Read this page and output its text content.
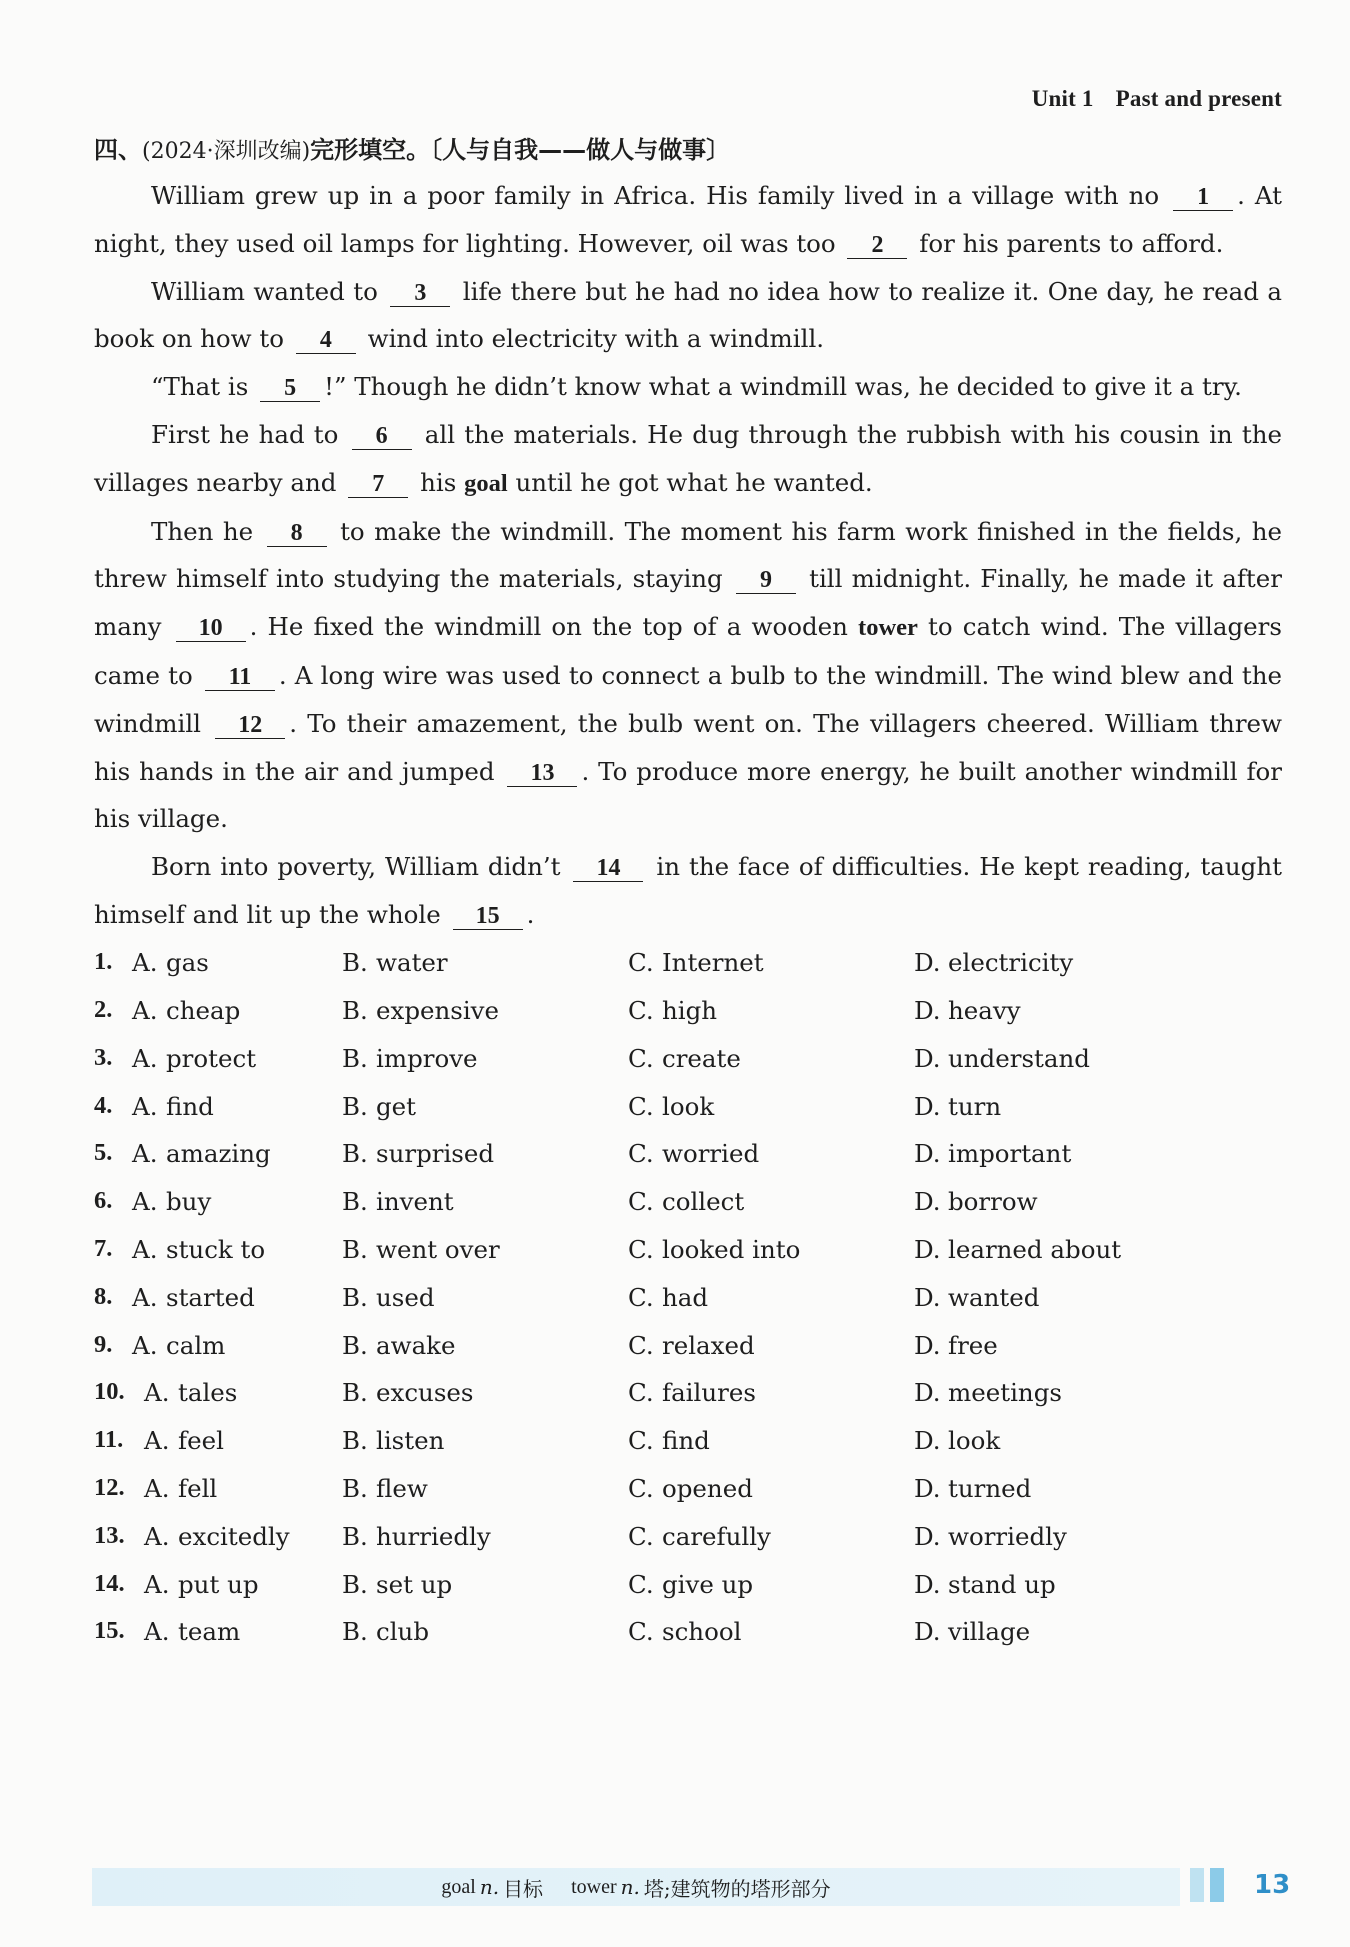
Unit 1 Past and present
四、(2024·深圳改编)完形填空。〔人与自我——做人与做事〕

William grew up in a poor family in Africa. His family lived in a village with no 1 . At night, they used oil lamps for lighting. However, oil was too 2 for his parents to afford.

William wanted to 3 life there but he had no idea how to realize it. One day, he read a book on how to 4 wind into electricity with a windmill.

“That is 5 !” Though he didn’t know what a windmill was, he decided to give it a try.

First he had to 6 all the materials. He dug through the rubbish with his cousin in the villages nearby and 7 his goal until he got what he wanted.

Then he 8 to make the windmill. The moment his farm work finished in the fields, he threw himself into studying the materials, staying 9 till midnight. Finally, he made it after many 10 . He fixed the windmill on the top of a wooden tower to catch wind. The villagers came to 11 . A long wire was used to connect a bulb to the windmill. The wind blew and the windmill 12 . To their amazement, the bulb went on. The villagers cheered. William threw his hands in the air and jumped 13 . To produce more energy, he built another windmill for his village.

Born into poverty, William didn’t 14 in the face of difficulties. He kept reading, taught himself and lit up the whole 15 .

1. A. gas	B. water	C. Internet	D. electricity
2. A. cheap	B. expensive	C. high	D. heavy
3. A. protect	B. improve	C. create	D. understand
4. A. find	B. get	C. look	D. turn
5. A. amazing	B. surprised	C. worried	D. important
6. A. buy	B. invent	C. collect	D. borrow
7. A. stuck to	B. went over	C. looked into	D. learned about
8. A. started	B. used	C. had	D. wanted
9. A. calm	B. awake	C. relaxed	D. free
10. A. tales	B. excuses	C. failures	D. meetings
11. A. feel	B. listen	C. find	D. look
12. A. fell	B. flew	C. opened	D. turned
13. A. excitedly B. hurriedly	C. carefully	D. worriedly
14. A. put up	B. set up	C. give up	D. stand up
15. A. team	B. club	C. school	D. village
goal n. 目标 tower n. 塔;建筑物的塔形部分	13
